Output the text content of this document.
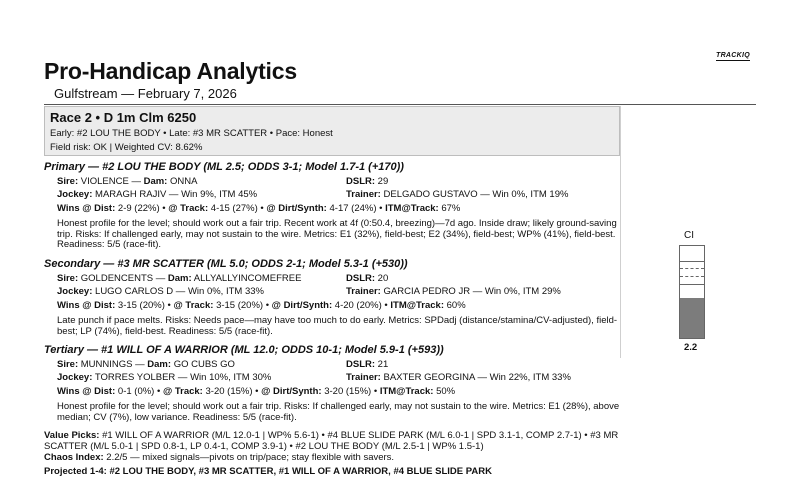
TRACKIQ
Pro-Handicap Analytics
Gulfstream — February 7, 2026
Race 2 • D 1m Clm 6250
Early: #2 LOU THE BODY • Late: #3 MR SCATTER • Pace: Honest
Field risk: OK | Weighted CV: 8.62%
Primary — #2 LOU THE BODY (ML 2.5; ODDS 3-1; Model 1.7-1 (+170))
Sire: VIOLENCE — Dam: ONNA	DSLR: 29
Jockey: MARAGH RAJIV — Win 9%, ITM 45%	Trainer: DELGADO GUSTAVO — Win 0%, ITM 19%
Wins @ Dist: 2-9 (22%) • @ Track: 4-15 (27%) • @ Dirt/Synth: 4-17 (24%) • ITM@Track: 67%
Honest profile for the level; should work out a fair trip. Recent work at 4f (0:50.4, breezing)—7d ago. Inside draw; likely ground-saving trip. Risks: If challenged early, may not sustain to the wire. Metrics: E1 (32%), field-best; E2 (34%), field-best; WP% (41%), field-best. Readiness: 5/5 (race-fit).
Secondary — #3 MR SCATTER (ML 5.0; ODDS 2-1; Model 5.3-1 (+530))
Sire: GOLDENCENTS — Dam: ALLYALLYINCOMEFREE	DSLR: 20
Jockey: LUGO CARLOS D — Win 0%, ITM 33%	Trainer: GARCIA PEDRO JR — Win 0%, ITM 29%
Wins @ Dist: 3-15 (20%) • @ Track: 3-15 (20%) • @ Dirt/Synth: 4-20 (20%) • ITM@Track: 60%
Late punch if pace melts. Risks: Needs pace—may have too much to do early. Metrics: SPDadj (distance/stamina/CV-adjusted), field-best; LP (74%), field-best. Readiness: 5/5 (race-fit).
Tertiary — #1 WILL OF A WARRIOR (ML 12.0; ODDS 10-1; Model 5.9-1 (+593))
Sire: MUNNINGS — Dam: GO CUBS GO	DSLR: 21
Jockey: TORRES YOLBER — Win 10%, ITM 30%	Trainer: BAXTER GEORGINA — Win 22%, ITM 33%
Wins @ Dist: 0-1 (0%) • @ Track: 3-20 (15%) • @ Dirt/Synth: 3-20 (15%) • ITM@Track: 50%
Honest profile for the level; should work out a fair trip. Risks: If challenged early, may not sustain to the wire. Metrics: E1 (28%), above median; CV (7%), low variance. Readiness: 5/5 (race-fit).
Value Picks: #1 WILL OF A WARRIOR (M/L 12.0-1 | WP% 5.6-1) • #4 BLUE SLIDE PARK (M/L 6.0-1 | SPD 3.1-1, COMP 2.7-1) • #3 MR SCATTER (M/L 5.0-1 | SPD 0.8-1, LP 0.4-1, COMP 3.9-1) • #2 LOU THE BODY (M/L 2.5-1 | WP% 1.5-1)
Chaos Index: 2.2/5 — mixed signals—pivots on trip/pace; stay flexible with savers.
Projected 1-4: #2 LOU THE BODY, #3 MR SCATTER, #1 WILL OF A WARRIOR, #4 BLUE SLIDE PARK
CI
2.2
